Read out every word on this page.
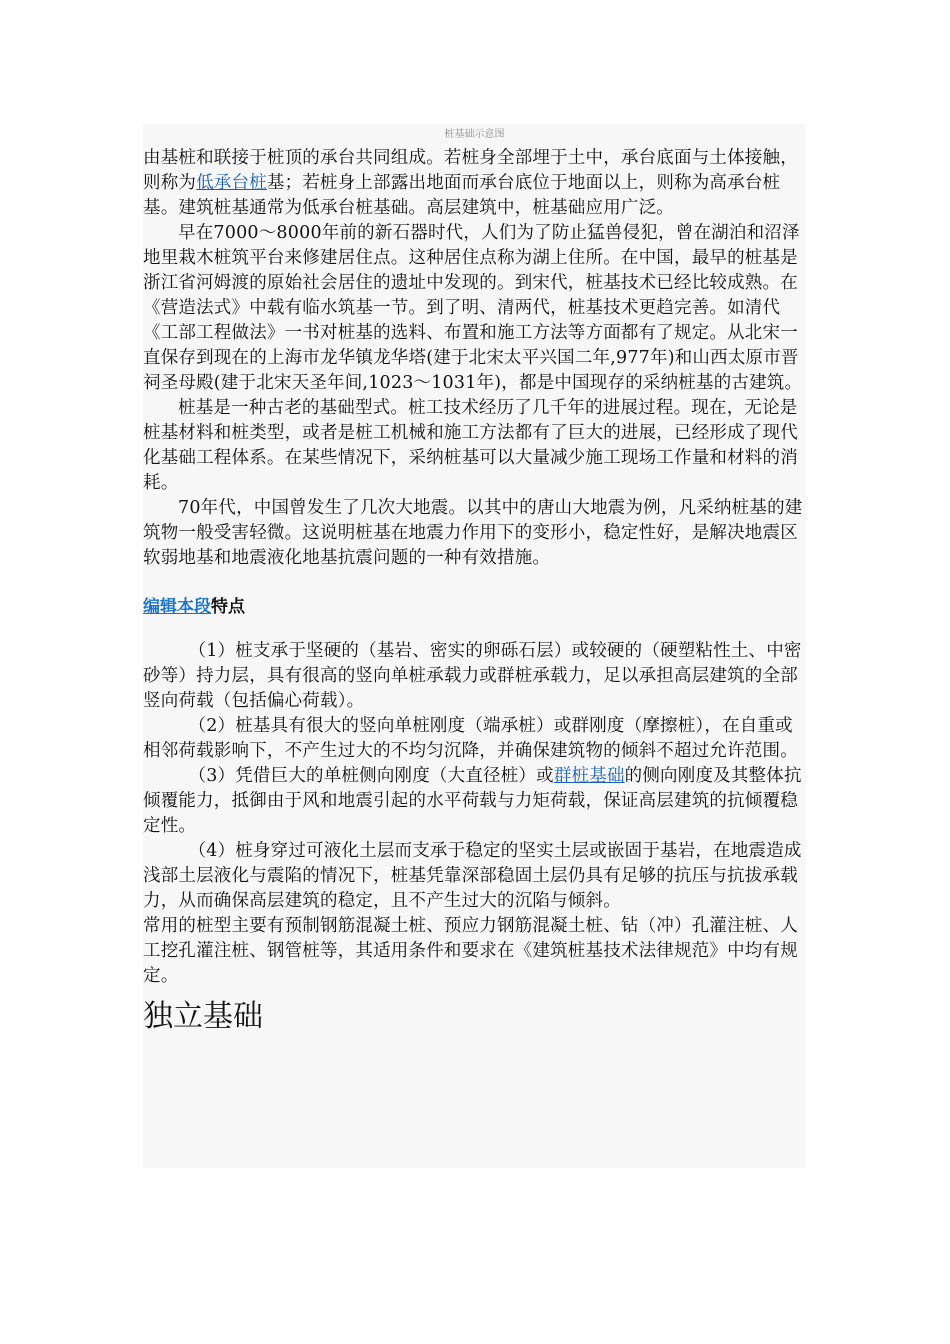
桩基础示意图

由基桩和联接于桩顶的承台共同组成。若桩身全部埋于土中，承台底面与土体接触，则称为低承台桩基；若桩身上部露出地面而承台底位于地面以上，则称为高承台桩基。建筑桩基通常为低承台桩基础。高层建筑中，桩基础应用广泛。

早在7000～8000年前的新石器时代，人们为了防止猛兽侵犯，曾在湖泊和沼泽地里栽木桩筑平台来修建居住点。这种居住点称为湖上住所。在中国，最早的桩基是浙江省河姆渡的原始社会居住的遗址中发现的。到宋代，桩基技术已经比较成熟。在《营造法式》中载有临水筑基一节。到了明、清两代，桩基技术更趋完善。如清代《工部工程做法》一书对桩基的选料、布置和施工方法等方面都有了规定。从北宋一直保存到现在的上海市龙华镇龙华塔(建于北宋太平兴国二年,977年)和山西太原市晋祠圣母殿(建于北宋天圣年间,1023～1031年)，都是中国现存的采纳桩基的古建筑。

桩基是一种古老的基础型式。桩工技术经历了几千年的进展过程。现在，无论是桩基材料和桩类型，或者是桩工机械和施工方法都有了巨大的进展，已经形成了现代化基础工程体系。在某些情况下，采纳桩基可以大量减少施工现场工作量和材料的消耗。

70年代，中国曾发生了几次大地震。以其中的唐山大地震为例，凡采纳桩基的建筑物一般受害轻微。这说明桩基在地震力作用下的变形小，稳定性好，是解决地震区软弱地基和地震液化地基抗震问题的一种有效措施。

编辑本段特点

（1）桩支承于坚硬的（基岩、密实的卵砾石层）或较硬的（硬塑粘性土、中密砂等）持力层，具有很高的竖向单桩承载力或群桩承载力，足以承担高层建筑的全部竖向荷载（包括偏心荷载）。

（2）桩基具有很大的竖向单桩刚度（端承桩）或群刚度（摩擦桩），在自重或相邻荷载影响下，不产生过大的不均匀沉降，并确保建筑物的倾斜不超过允许范围。

（3）凭借巨大的单桩侧向刚度（大直径桩）或群桩基础的侧向刚度及其整体抗倾覆能力，抵御由于风和地震引起的水平荷载与力矩荷载，保证高层建筑的抗倾覆稳定性。

（4）桩身穿过可液化土层而支承于稳定的坚实土层或嵌固于基岩，在地震造成浅部土层液化与震陷的情况下，桩基凭靠深部稳固土层仍具有足够的抗压与抗拔承载力，从而确保高层建筑的稳定，且不产生过大的沉陷与倾斜。

常用的桩型主要有预制钢筋混凝土桩、预应力钢筋混凝土桩、钻（冲）孔灌注桩、人工挖孔灌注桩、钢管桩等，其适用条件和要求在《建筑桩基技术法律规范》中均有规定。

独立基础
